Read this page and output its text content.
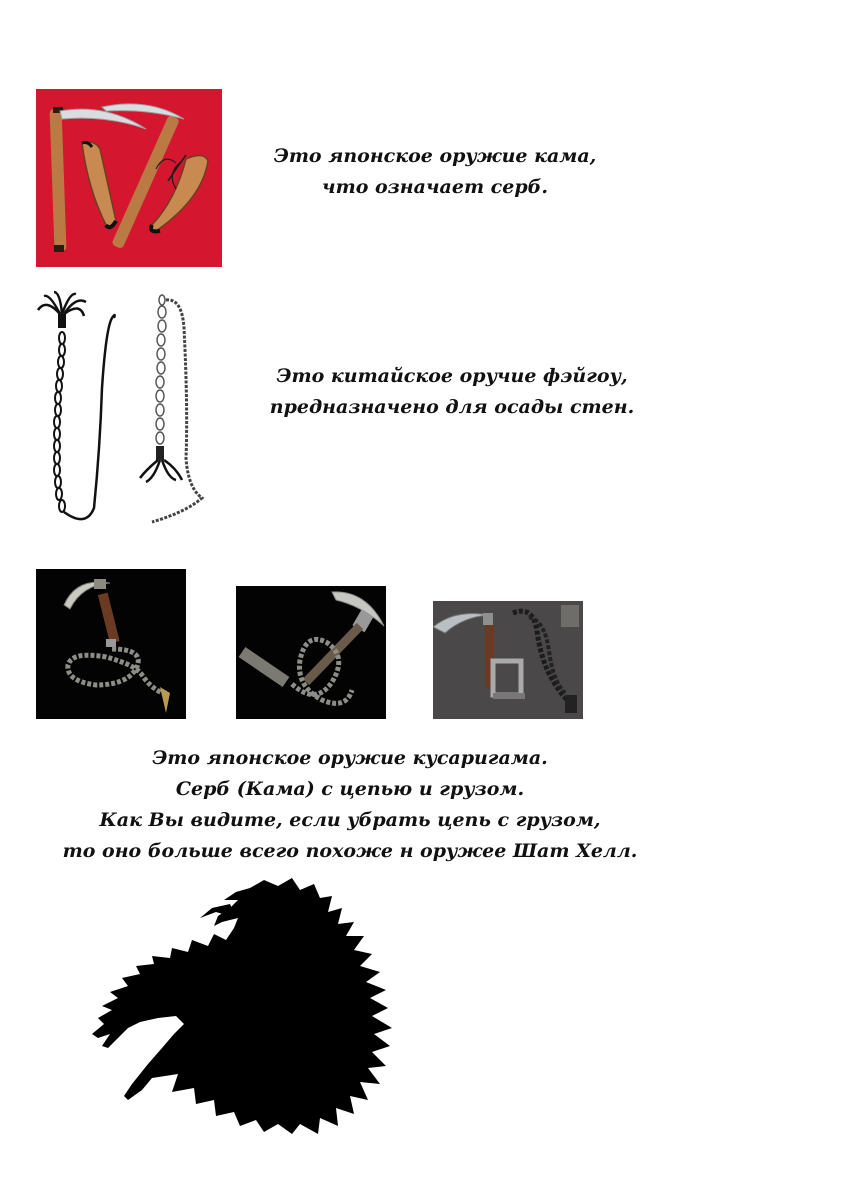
Это японское оружие кама,
что означает серб.
Это китайское оручие фэйгоу,
предназначено для осады стен.
Это японское оружие кусаригама.
Серб (Кама) с цепью и грузом.
Как Вы видите, если убрать цепь с грузом,
то оно больше всего похоже н оружее Шат Хелл.
